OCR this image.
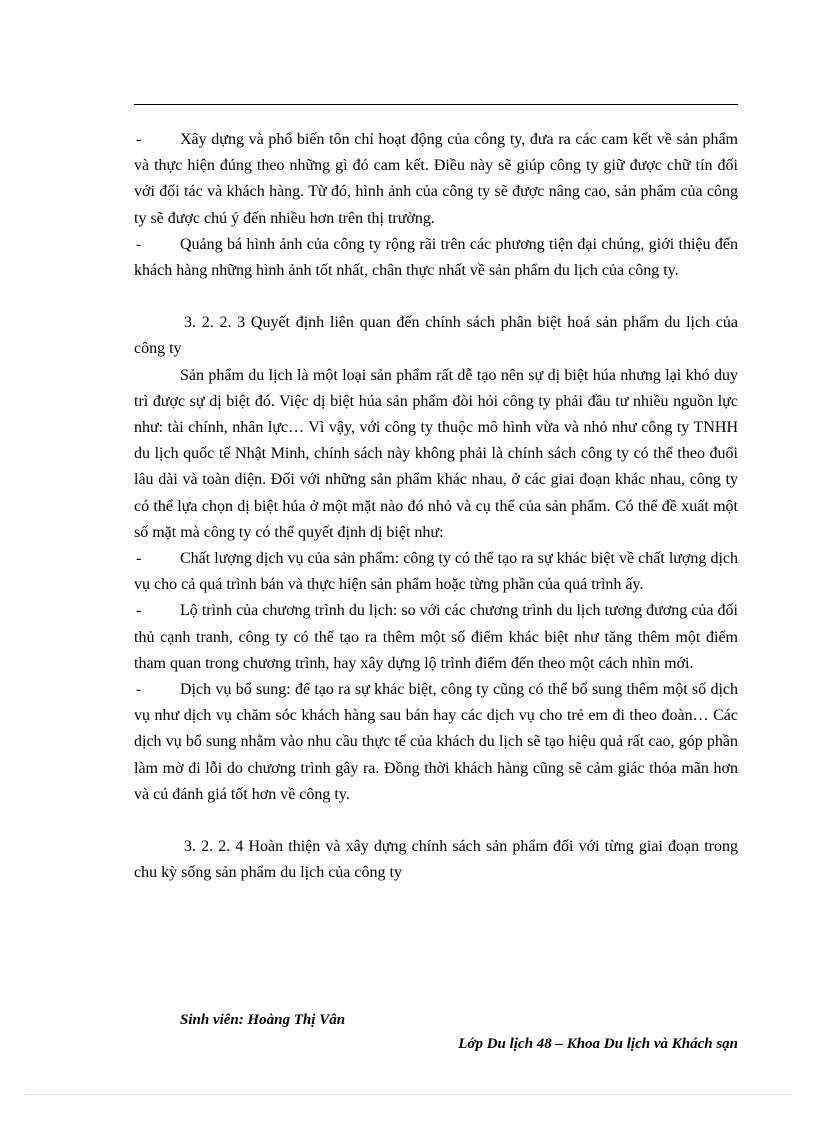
- Xây dựng và phổ biến tôn chỉ hoạt động của công ty, đưa ra các cam kết về sản phẩm và thực hiện đúng theo những gì đó cam kết. Điều này sẽ giúp công ty giữ được chữ tín đối với đối tác và khách hàng. Từ đó, hình ảnh của công ty sẽ được nâng cao, sản phẩm của công ty sẽ được chú ý đến nhiều hơn trên thị trường.

- Quảng bá hình ảnh của công ty rộng rãi trên các phương tiện đại chúng, giới thiệu đến khách hàng những hình ảnh tốt nhất, chân thực nhất về sản phẩm du lịch của công ty.

3. 2. 2. 3 Quyết định liên quan đến chính sách phân biệt hoá sản phẩm du lịch của công ty

Sản phẩm du lịch là một loại sản phẩm rất dễ tạo nên sự dị biệt húa nhưng lại khó duy trì được sự dị biệt đó. Việc dị biệt húa sản phẩm đòi hỏi công ty phải đầu tư nhiều nguồn lực như: tài chính, nhân lực… Vì vậy, với công ty thuộc mô hình vừa và nhỏ như công ty TNHH du lịch quốc tế Nhật Minh, chính sách này không phải là chính sách công ty có thể theo đuổi lâu dài và toàn diện. Đối với những sản phẩm khác nhau, ở các giai đoạn khác nhau, công ty có thể lựa chọn dị biệt húa ở một mặt nào đó nhỏ và cụ thể của sản phẩm. Có thể đề xuất một số mặt mà công ty có thể quyết định dị biệt như:

- Chất lượng dịch vụ của sản phẩm: công ty có thể tạo ra sự khác biệt về chất lượng dịch vụ cho cả quá trình bán và thực hiện sản phẩm hoặc từng phần của quá trình ấy.

- Lộ trình của chương trình du lịch: so với các chương trình du lịch tương đương của đối thủ cạnh tranh, công ty có thể tạo ra thêm một số điểm khác biệt như tăng thêm một điểm tham quan trong chương trình, hay xây dựng lộ trình điểm đến theo một cách nhìn mới.

- Dịch vụ bổ sung: để tạo ra sự khác biệt, công ty cũng có thể bổ sung thêm một số dịch vụ như dịch vụ chăm sóc khách hàng sau bán hay các dịch vụ cho trẻ em đi theo đoàn… Các dịch vụ bổ sung nhằm vào nhu cầu thực tế của khách du lịch sẽ tạo hiệu quả rất cao, góp phần làm mờ đi lỗi do chương trình gây ra. Đồng thời khách hàng cũng sẽ cảm giác thỏa mãn hơn và cú đánh giá tốt hơn về công ty.

3. 2. 2. 4 Hoàn thiện và xây dựng chính sách sản phẩm đối với từng giai đoạn trong chu kỳ sống sản phẩm du lịch của công ty

Sinh viên: Hoàng Thị Vân
Lớp Du lịch 48 – Khoa Du lịch và Khách sạn
